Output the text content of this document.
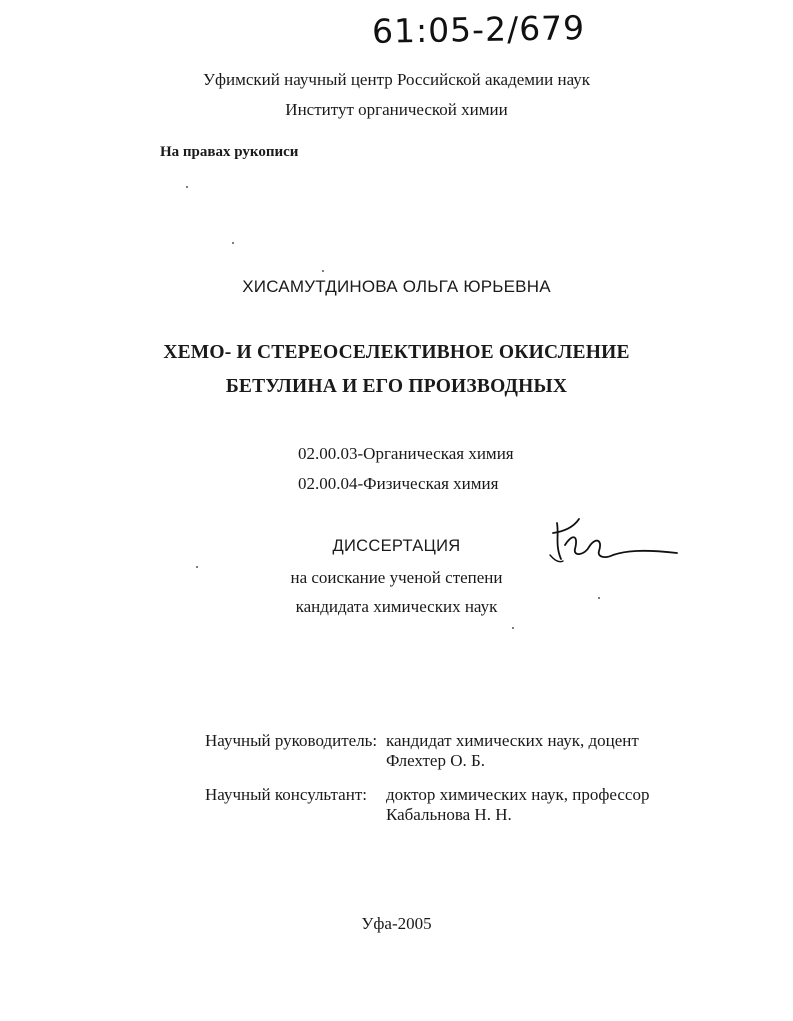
61:05-2/679
Уфимский научный центр Российской академии наук
Институт органической химии
На правах рукописи
ХИСАМУТДИНОВА ОЛЬГА ЮРЬЕВНА
ХЕМО- И СТЕРЕОСЕЛЕКТИВНОЕ ОКИСЛЕНИЕ
БЕТУЛИНА И ЕГО ПРОИЗВОДНЫХ
02.00.03-Органическая химия
02.00.04-Физическая химия
ДИССЕРТАЦИЯ
на соискание ученой степени
кандидата химических наук
Научный руководитель: кандидат химических наук, доцент
Флехтер О. Б.
Научный консультант: доктор химических наук, профессор
Кабальнова Н. Н.
Уфа-2005
